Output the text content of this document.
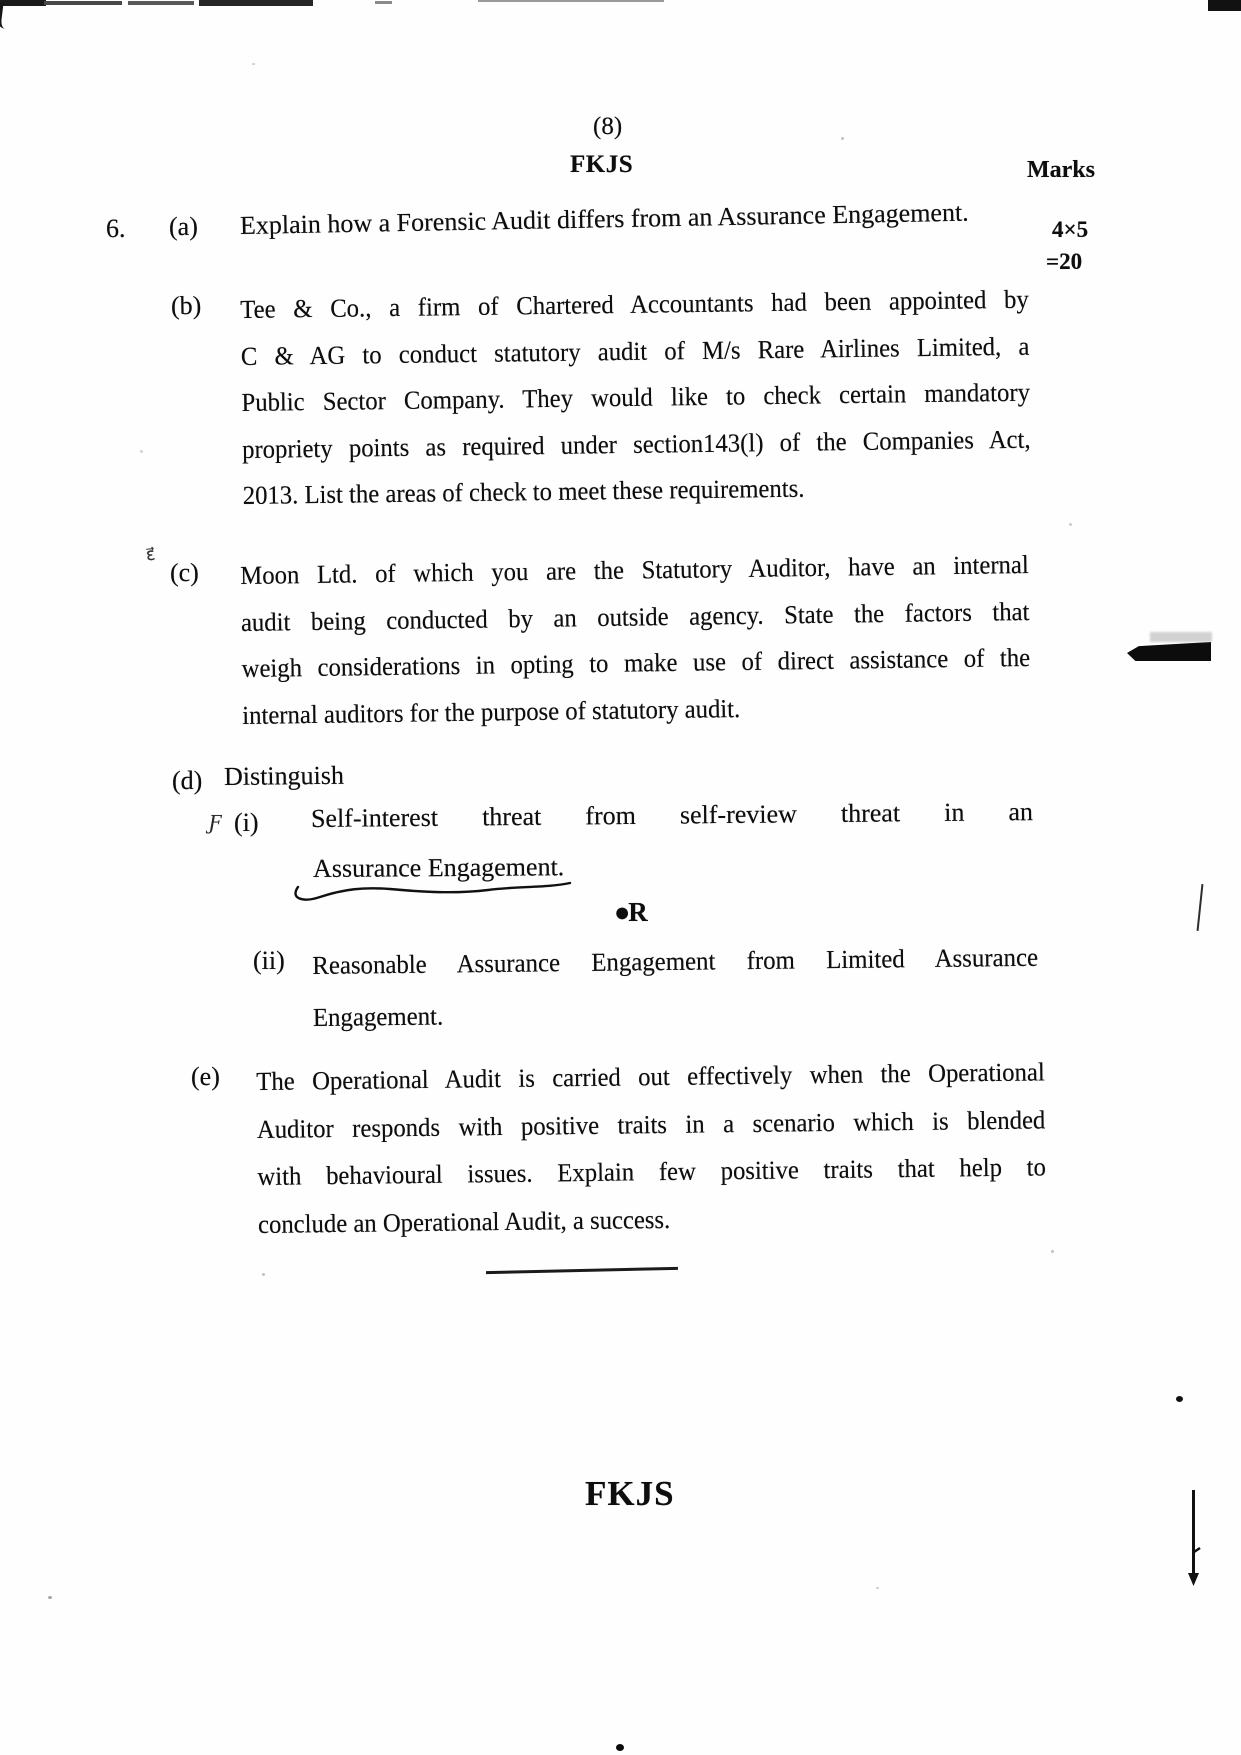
(8)
FKJS	Marks
6. (a) Explain how a Forensic Audit differs from an Assurance Engagement.	4×5
=20
(b) Tee & Co., a firm of Chartered Accountants had been appointed by
C & AG to conduct statutory audit of M/s Rare Airlines Limited, a
Public Sector Company. They would like to check certain mandatory
propriety points as required under section143(l) of the Companies Act,
2013. List the areas of check to meet these requirements.
ε⃗
(c) Moon Ltd. of which you are the Statutory Auditor, have an internal
audit being conducted by an outside agency. State the factors that
weigh considerations in opting to make use of direct assistance of the
internal auditors for the purpose of statutory audit.
(d) Distinguish
Ƒ (i) Self-interest threat from self-review threat in an
Assurance Engagement.
●R
(ii) Reasonable Assurance Engagement from Limited Assurance
Engagement.
(e) The Operational Audit is carried out effectively when the Operational
Auditor responds with positive traits in a scenario which is blended
with behavioural issues. Explain few positive traits that help to
conclude an Operational Audit, a success.
FKJS
